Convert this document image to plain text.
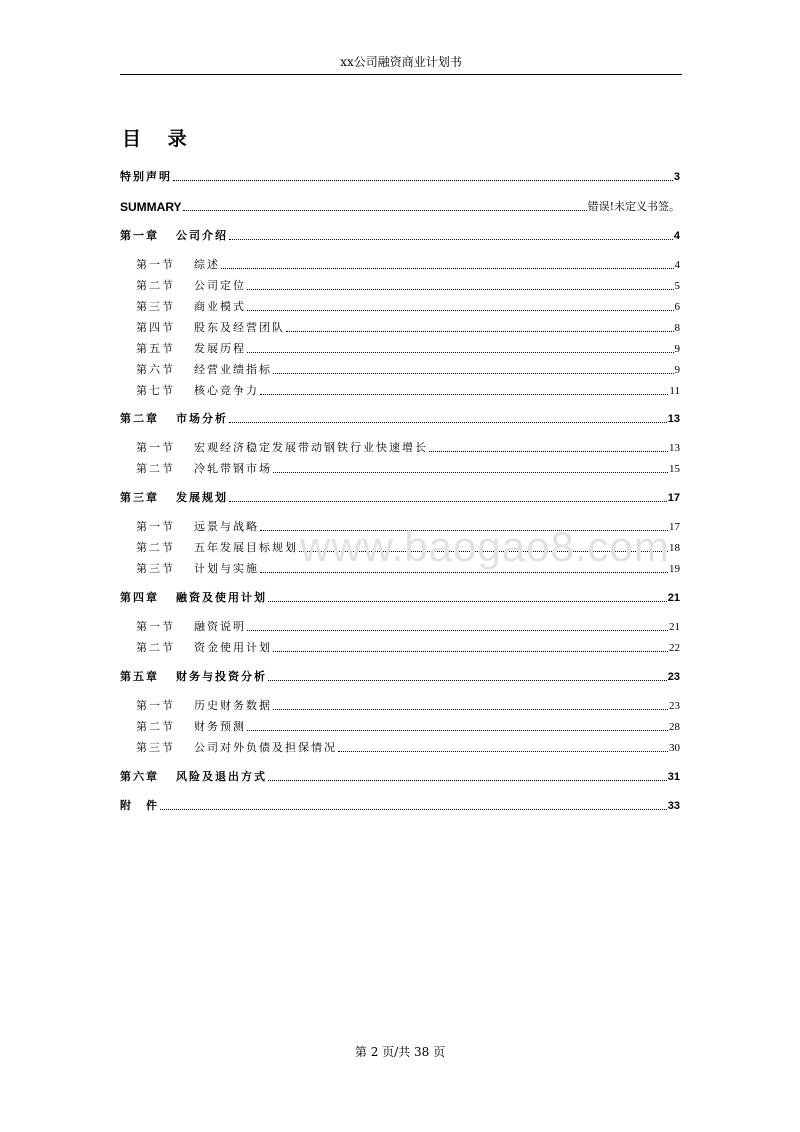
xx公司融资商业计划书
目 录
特别声明	3
SUMMARY	错误!未定义书签。
第一章	公司介绍	4
第一节	综述	4
第二节	公司定位	5
第三节	商业模式	6
第四节	股东及经营团队	8
第五节	发展历程	9
第六节	经营业绩指标	9
第七节	核心竞争力	11
第二章	市场分析	13
第一节	宏观经济稳定发展带动钢铁行业快速增长	13
第二节	冷轧带钢市场	15
第三章	发展规划	17
第一节	远景与战略	17
第二节	五年发展目标规划	18
第三节	计划与实施	19
第四章	融资及使用计划	21
第一节	融资说明	21
第二节	资金使用计划	22
第五章	财务与投资分析	23
第一节	历史财务数据	23
第二节	财务预测	28
第三节	公司对外负债及担保情况	30
第六章	风险及退出方式	31
附　件	33
www.baogao8.com
第 2 页/共 38 页
